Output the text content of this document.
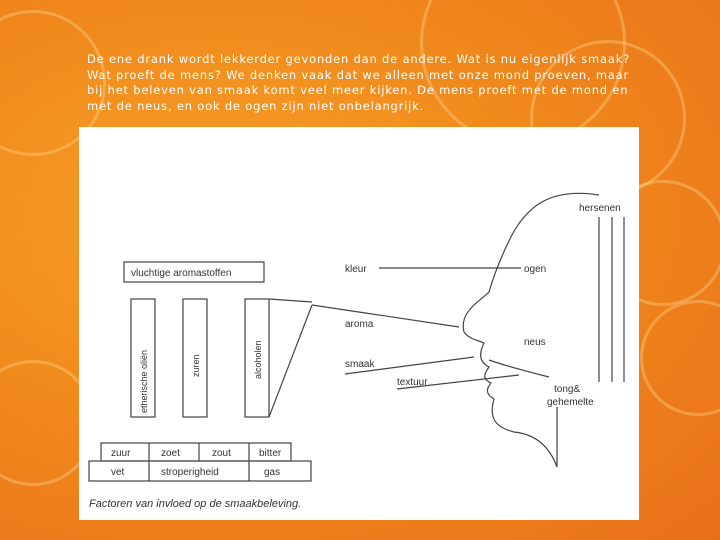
De ene drank wordt lekkerder gevonden dan de andere. Wat is nu eigenlijk smaak? Wat proeft de mens? We denken vaak dat we alleen met onze mond proeven, maar bij het beleven van smaak komt veel meer kijken. De mens proeft met de mond en met de neus, en ook de ogen zijn niet onbelangrijk.
vluchtige aromastoffen
etherische oliën	zuren	alcoholen
kleur
aroma
smaak
textuur
hersenen
ogen
neus
tong&
gehemelte
zuur	zoet	zout	bitter
vet	stroperigheid	gas
Factoren van invloed op de smaakbeleving.
